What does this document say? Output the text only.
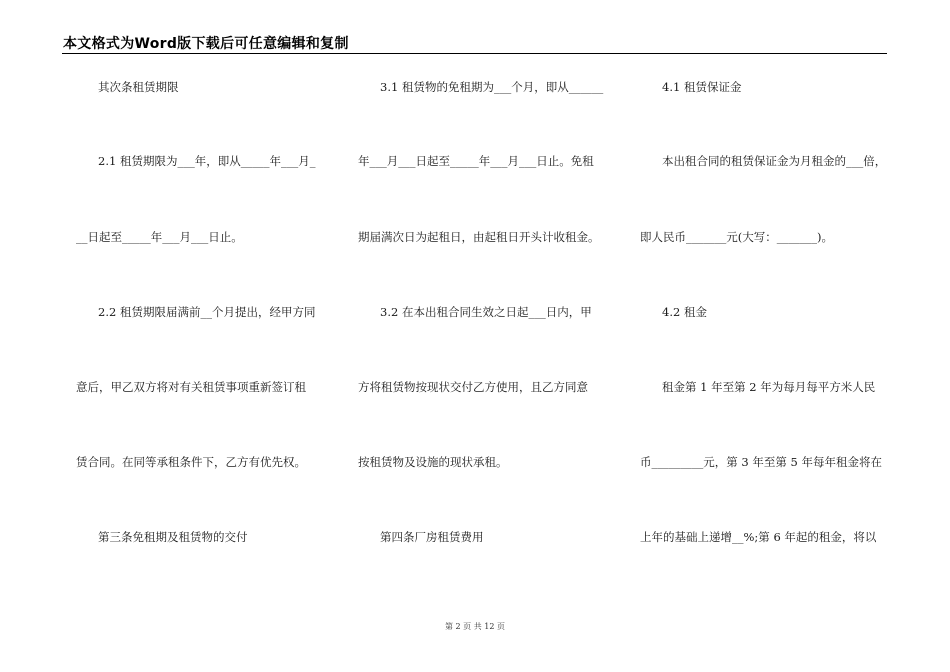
本文格式为Word版下载后可任意编辑和复制
其次条租赁期限
2.1 租赁期限为___年，即从_____年___月_
__日起至_____年___月___日止。
2.2 租赁期限届满前__个月提出，经甲方同
意后，甲乙双方将对有关租赁事项重新签订租
赁合同。在同等承租条件下，乙方有优先权。
第三条免租期及租赁物的交付
3.1 租赁物的免租期为___个月，即从______
年___月___日起至_____年___月___日止。免租
期届满次日为起租日，由起租日开头计收租金。
3.2 在本出租合同生效之日起___日内，甲
方将租赁物按现状交付乙方使用，且乙方同意
按租赁物及设施的现状承租。
第四条厂房租赁费用
4.1 租赁保证金
本出租合同的租赁保证金为月租金的___倍，
即人民币_______元(大写：_______)。
4.2 租金
租金第 1 年至第 2 年为每月每平方米人民
币_________元，第 3 年至第 5 年每年租金将在
上年的基础上递增__%;第 6 年起的租金，将以
第 2 页 共 12 页
